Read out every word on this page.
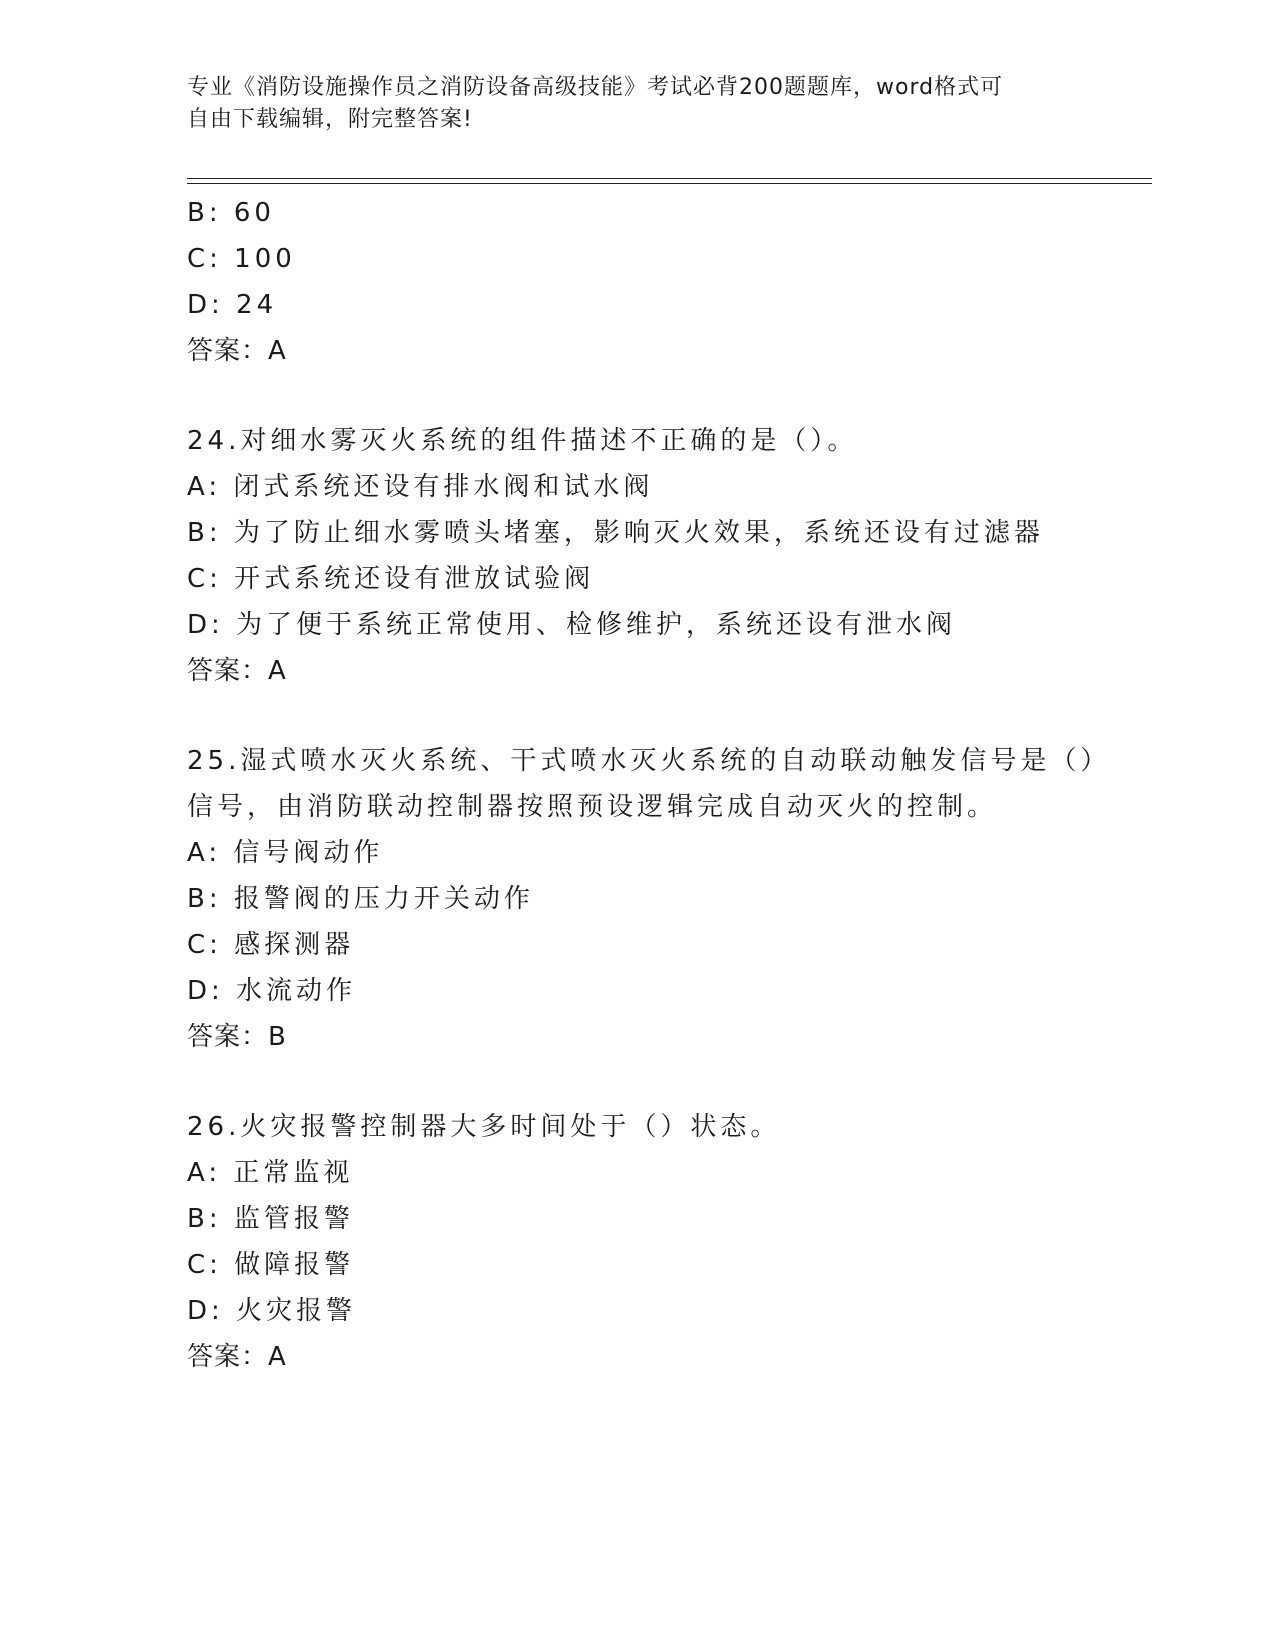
专业《消防设施操作员之消防设备高级技能》考试必背200题题库，word格式可
自由下载编辑，附完整答案!
B: 60
C: 100
D: 24
答案：A
24.对细水雾灭火系统的组件描述不正确的是（）。
A: 闭式系统还设有排水阀和试水阀
B: 为了防止细水雾喷头堵塞，影响灭火效果，系统还设有过滤器
C: 开式系统还设有泄放试验阀
D: 为了便于系统正常使用、检修维护，系统还设有泄水阀
答案：A
25.湿式喷水灭火系统、干式喷水灭火系统的自动联动触发信号是（）
信号，由消防联动控制器按照预设逻辑完成自动灭火的控制。
A: 信号阀动作
B: 报警阀的压力开关动作
C: 感探测器
D: 水流动作
答案：B
26.火灾报警控制器大多时间处于（）状态。
A: 正常监视
B: 监管报警
C: 做障报警
D: 火灾报警
答案：A
